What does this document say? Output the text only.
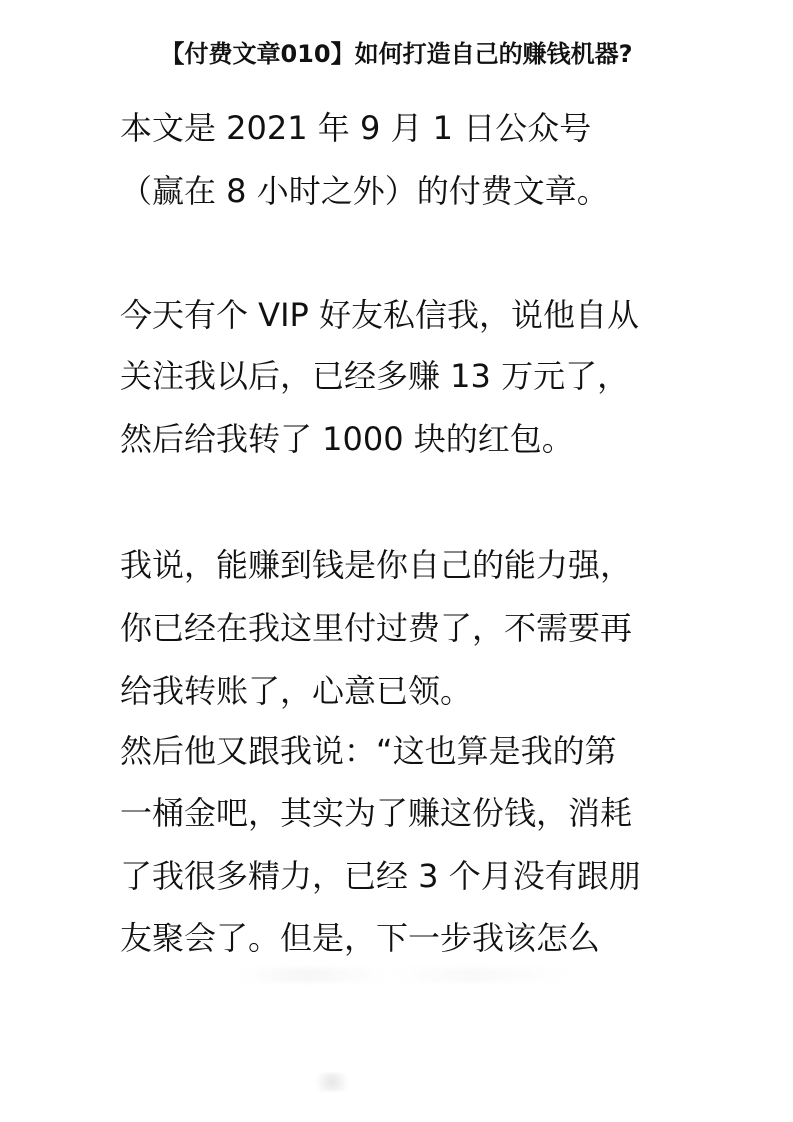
【付费文章010】如何打造自己的赚钱机器?
本文是 2021 年 9 月 1 日公众号
（赢在 8 小时之外）的付费文章。
今天有个 VIP 好友私信我，说他自从
关注我以后，已经多赚 13 万元了，
然后给我转了 1000 块的红包。
我说，能赚到钱是你自己的能力强，
你已经在我这里付过费了，不需要再
给我转账了，心意已领。
然后他又跟我说：“这也算是我的第
一桶金吧，其实为了赚这份钱，消耗
了我很多精力，已经 3 个月没有跟朋
友聚会了。但是，下一步我该怎么
